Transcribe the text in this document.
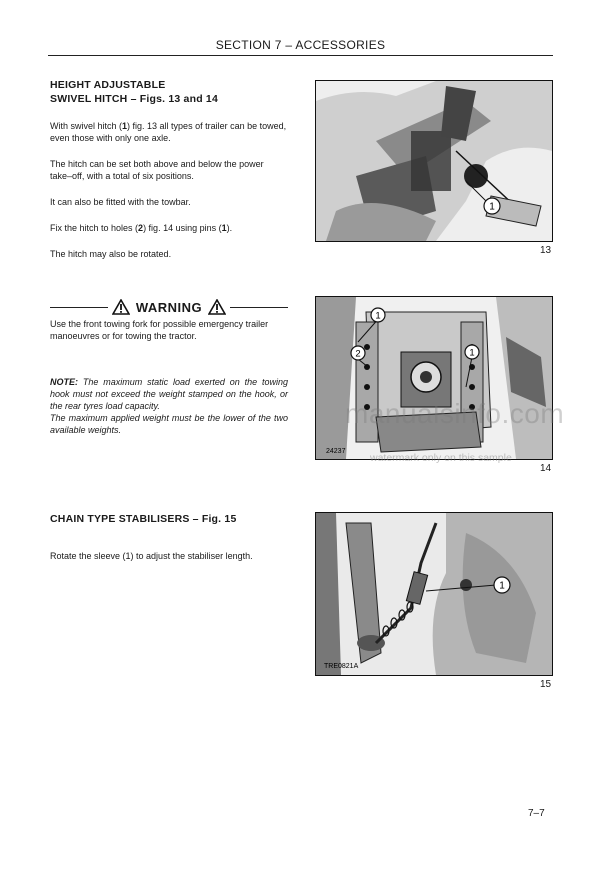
SECTION 7 – ACCESSORIES
HEIGHT ADJUSTABLE
SWIVEL HITCH – Figs. 13 and 14

With swivel hitch (1) fig. 13 all types of trailer can be towed, even those with only one axle.

The hitch can be set both above and below the power take–off, with a total of six positions.

It can also be fitted with the towbar.

Fix the hitch to holes (2) fig. 14 using pins (1).

The hitch may also be rotated.

WARNING
Use the front towing fork for possible emergency trailer manoeuvres or for towing the tractor.
NOTE: The maximum static load exerted on the towing hook must not exceed the weight stamped on the hook, or the rear tyres load capacity.
The maximum applied weight must be the lower of the two available weights.
CHAIN TYPE STABILISERS – Fig. 15

Rotate the sleeve (1) to adjust the stabiliser length.

1
13
1
2	1
24237
14
manualsinfo.com
watermark only on this sample
1
TRE0821A
15
7–7
